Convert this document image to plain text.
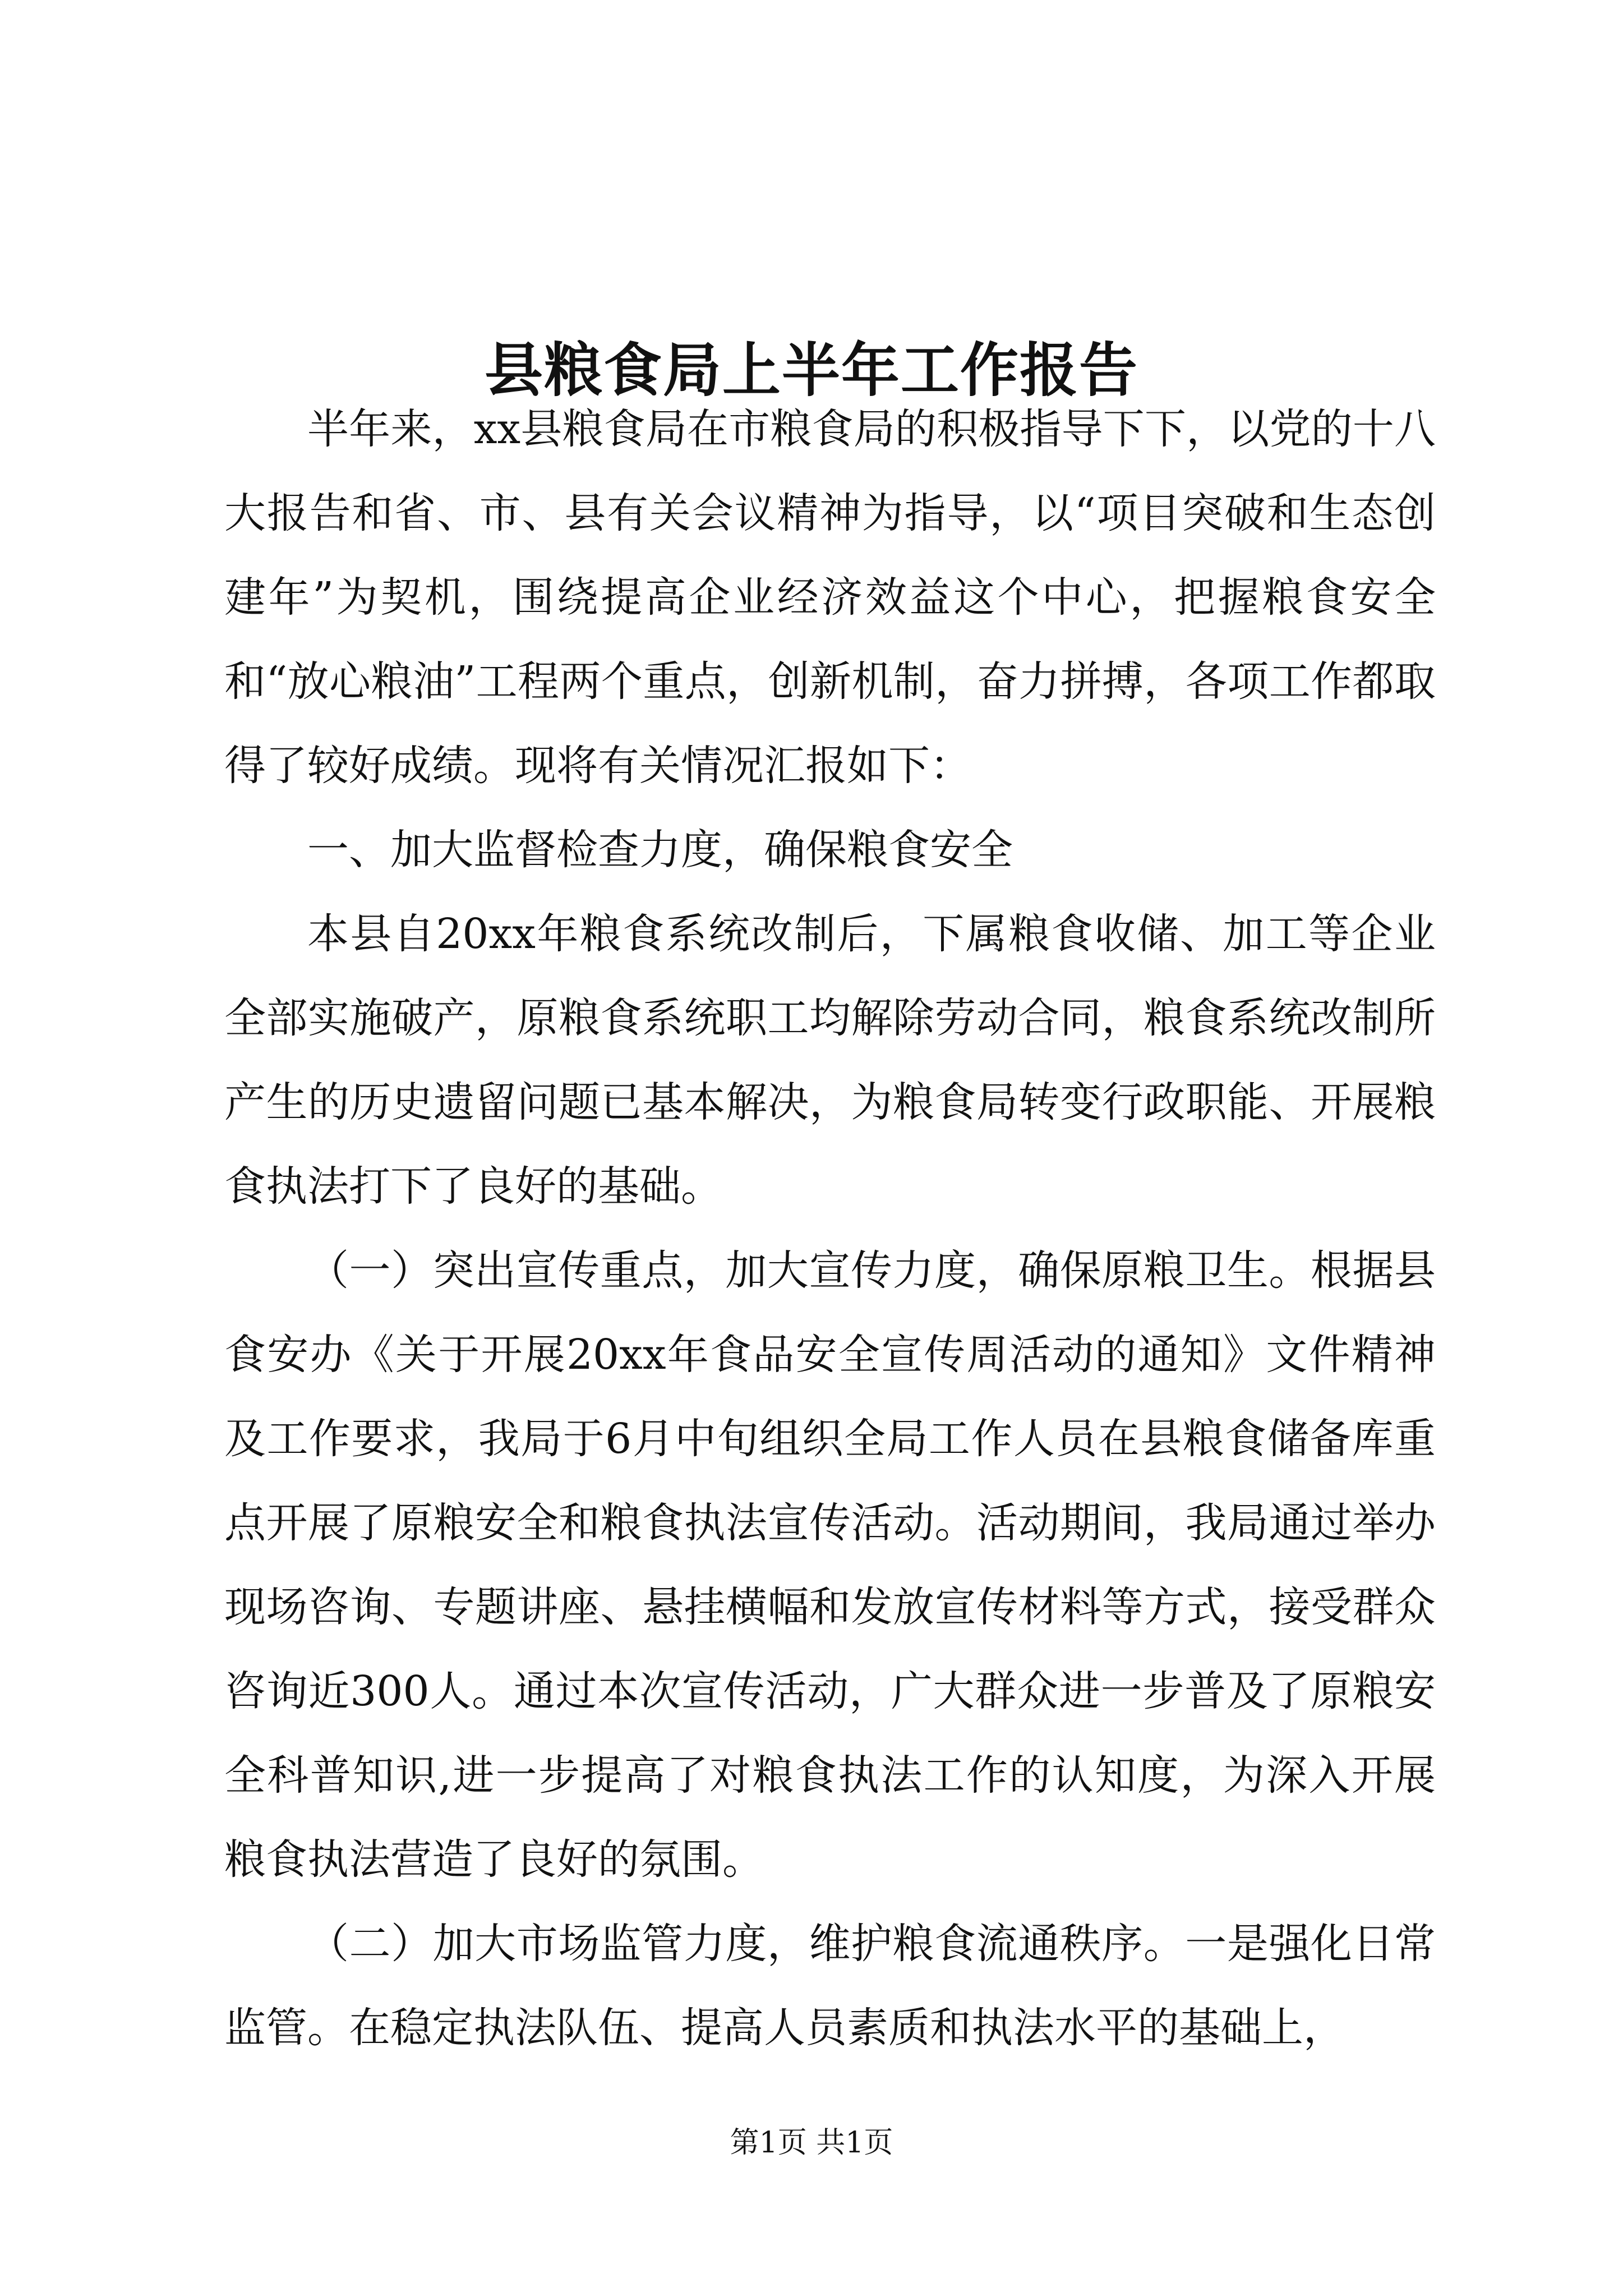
县粮食局上半年工作报告

半年来，xx县粮食局在市粮食局的积极指导下下，以党的十八大报告和省、市、县有关会议精神为指导，以“项目突破和生态创建年”为契机，围绕提高企业经济效益这个中心，把握粮食安全和“放心粮油”工程两个重点，创新机制，奋力拼搏，各项工作都取得了较好成绩。现将有关情况汇报如下：

一、加大监督检查力度，确保粮食安全

本县自20xx年粮食系统改制后，下属粮食收储、加工等企业全部实施破产，原粮食系统职工均解除劳动合同，粮食系统改制所产生的历史遗留问题已基本解决，为粮食局转变行政职能、开展粮食执法打下了良好的基础。

（一）突出宣传重点，加大宣传力度，确保原粮卫生。根据县食安办《关于开展20xx年食品安全宣传周活动的通知》文件精神及工作要求，我局于6月中旬组织全局工作人员在县粮食储备库重点开展了原粮安全和粮食执法宣传活动。活动期间，我局通过举办现场咨询、专题讲座、悬挂横幅和发放宣传材料等方式，接受群众咨询近300人。通过本次宣传活动，广大群众进一步普及了原粮安全科普知识,进一步提高了对粮食执法工作的认知度，为深入开展粮食执法营造了良好的氛围。

（二）加大市场监管力度，维护粮食流通秩序。一是强化日常监管。在稳定执法队伍、提高人员素质和执法水平的基础上，

第1页 共1页
